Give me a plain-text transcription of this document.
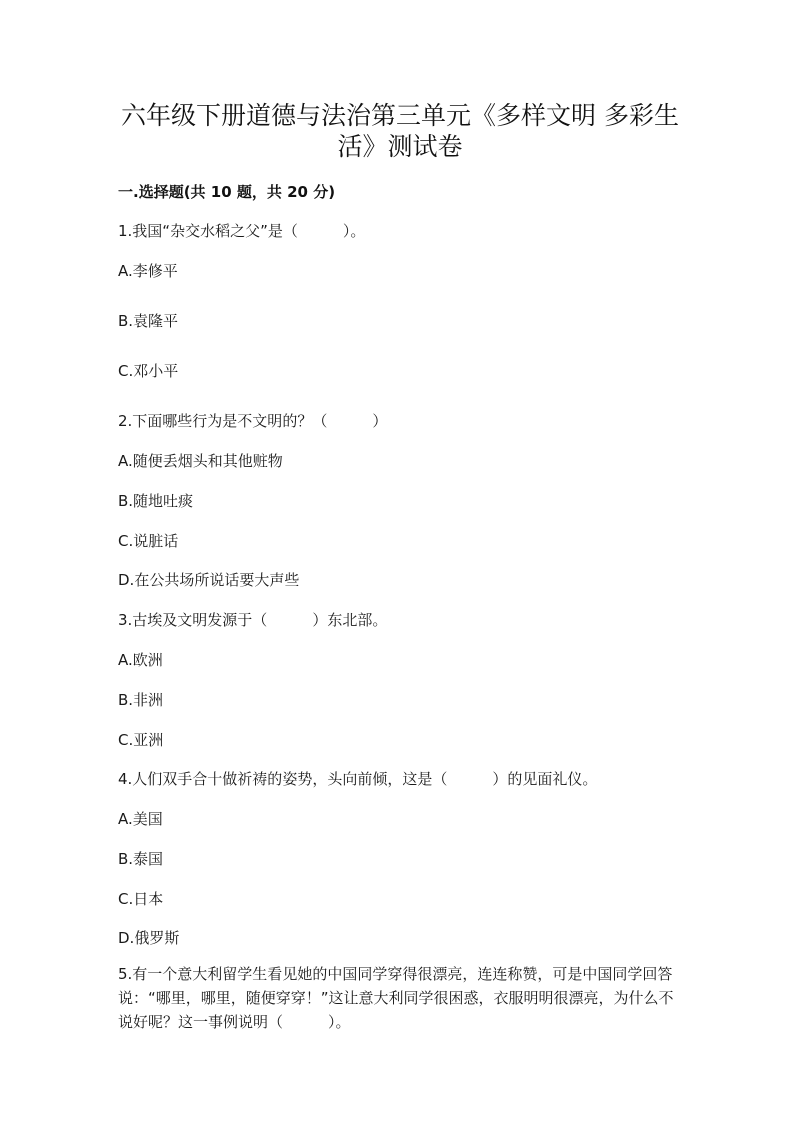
六年级下册道德与法治第三单元《多样文明 多彩生
活》测试卷
一.选择题(共 10 题，共 20 分)
1.我国“杂交水稻之父”是（　　　）。
A.李修平
B.袁隆平
C.邓小平
2.下面哪些行为是不文明的？（　　　）
A.随便丢烟头和其他赃物
B.随地吐痰
C.说脏话
D.在公共场所说话要大声些
3.古埃及文明发源于（　　　）东北部。
A.欧洲
B.非洲
C.亚洲
4.人们双手合十做祈祷的姿势，头向前倾，这是（　　　）的见面礼仪。
A.美国
B.泰国
C.日本
D.俄罗斯
5.有一个意大利留学生看见她的中国同学穿得很漂亮，连连称赞，可是中国同学回答说：“哪里，哪里，随便穿穿！”这让意大利同学很困惑，衣服明明很漂亮，为什么不说好呢？这一事例说明（　　　）。
